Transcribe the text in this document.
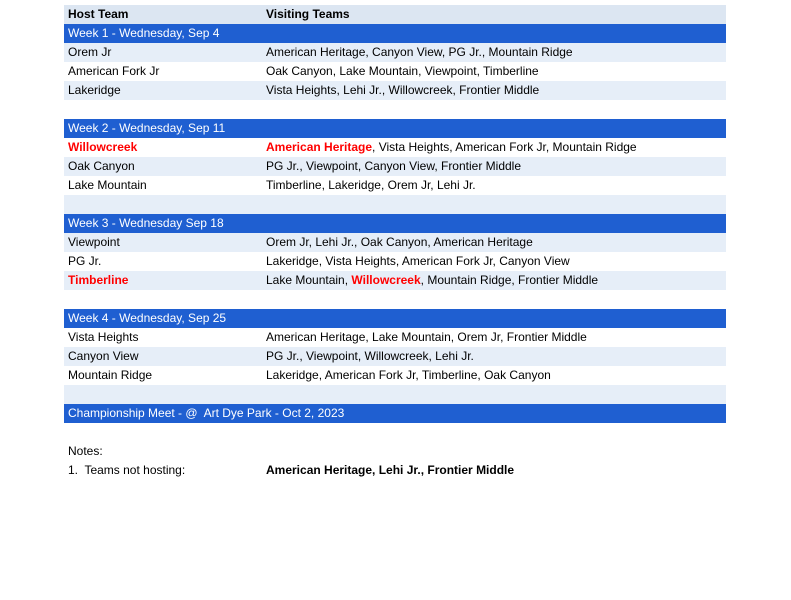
Host Team	Visiting Teams
Week 1 - Wednesday, Sep 4
Orem Jr	American Heritage, Canyon View, PG Jr., Mountain Ridge
American Fork Jr	Oak Canyon, Lake Mountain, Viewpoint, Timberline
Lakeridge	Vista Heights, Lehi Jr., Willowcreek, Frontier Middle
Week 2 - Wednesday, Sep 11
Willowcreek	American Heritage, Vista Heights, American Fork Jr, Mountain Ridge
Oak Canyon	PG Jr., Viewpoint, Canyon View, Frontier Middle
Lake Mountain	Timberline, Lakeridge, Orem Jr, Lehi Jr.
Week 3 - Wednesday Sep 18
Viewpoint	Orem Jr, Lehi Jr., Oak Canyon, American Heritage
PG Jr.	Lakeridge, Vista Heights, American Fork Jr, Canyon View
Timberline	Lake Mountain, Willowcreek, Mountain Ridge, Frontier Middle
Week 4 - Wednesday, Sep 25
Vista Heights	American Heritage, Lake Mountain, Orem Jr, Frontier Middle
Canyon View	PG Jr., Viewpoint, Willowcreek, Lehi Jr.
Mountain Ridge	Lakeridge, American Fork Jr, Timberline, Oak Canyon
Championship Meet - @  Art Dye Park - Oct 2, 2023
Notes:
1.  Teams not hosting:	American Heritage, Lehi Jr., Frontier Middle
